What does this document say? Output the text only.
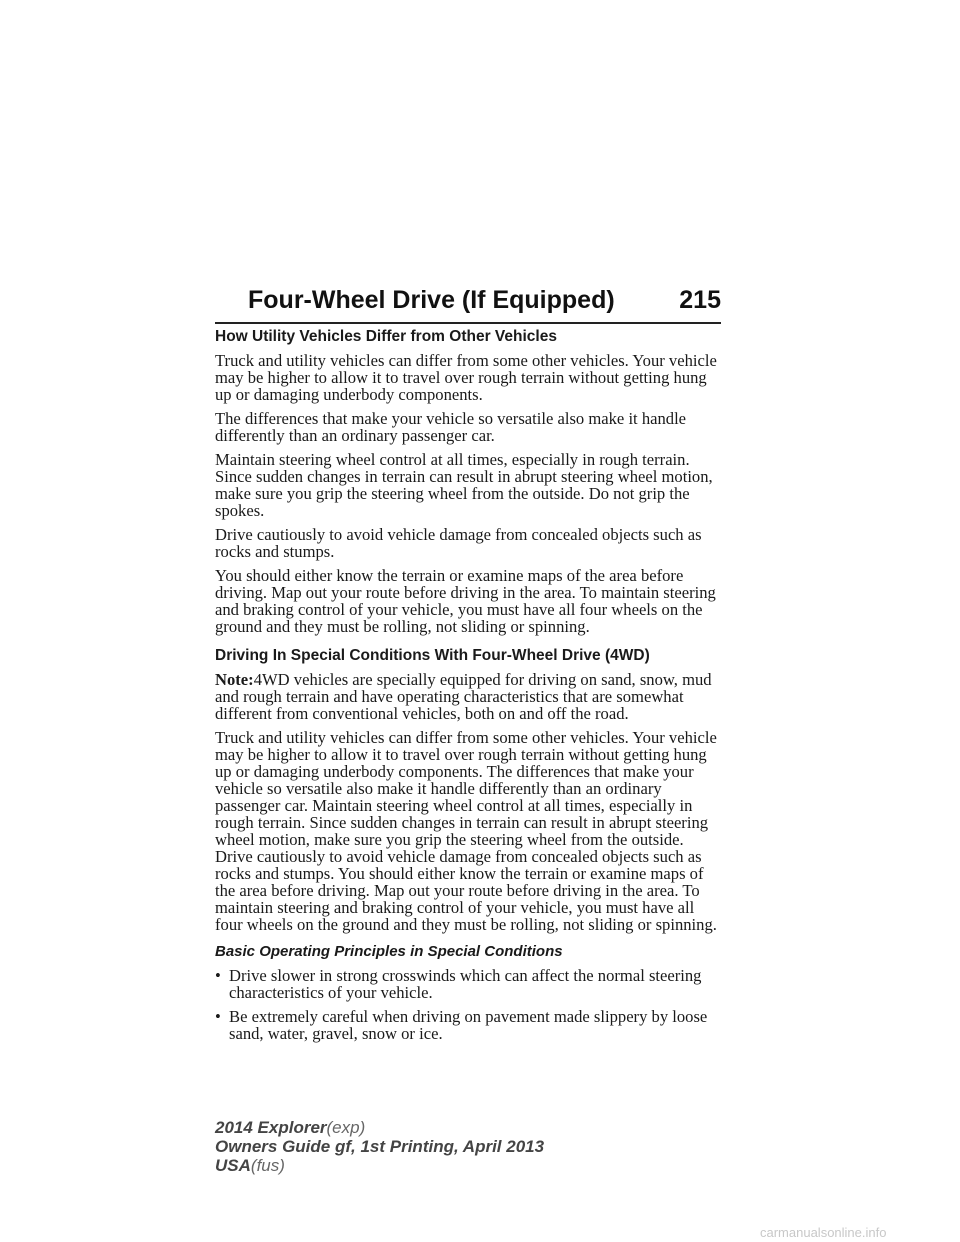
Four-Wheel Drive (If Equipped)	215
How Utility Vehicles Differ from Other Vehicles

Truck and utility vehicles can differ from some other vehicles. Your vehicle may be higher to allow it to travel over rough terrain without getting hung up or damaging underbody components.

The differences that make your vehicle so versatile also make it handle differently than an ordinary passenger car.

Maintain steering wheel control at all times, especially in rough terrain. Since sudden changes in terrain can result in abrupt steering wheel motion, make sure you grip the steering wheel from the outside. Do not grip the spokes.

Drive cautiously to avoid vehicle damage from concealed objects such as rocks and stumps.

You should either know the terrain or examine maps of the area before driving. Map out your route before driving in the area. To maintain steering and braking control of your vehicle, you must have all four wheels on the ground and they must be rolling, not sliding or spinning.

Driving In Special Conditions With Four-Wheel Drive (4WD)

Note:4WD vehicles are specially equipped for driving on sand, snow, mud and rough terrain and have operating characteristics that are somewhat different from conventional vehicles, both on and off the road.

Truck and utility vehicles can differ from some other vehicles. Your vehicle may be higher to allow it to travel over rough terrain without getting hung up or damaging underbody components. The differences that make your vehicle so versatile also make it handle differently than an ordinary passenger car. Maintain steering wheel control at all times, especially in rough terrain. Since sudden changes in terrain can result in abrupt steering wheel motion, make sure you grip the steering wheel from the outside. Drive cautiously to avoid vehicle damage from concealed objects such as rocks and stumps. You should either know the terrain or examine maps of the area before driving. Map out your route before driving in the area. To maintain steering and braking control of your vehicle, you must have all four wheels on the ground and they must be rolling, not sliding or spinning.

Basic Operating Principles in Special Conditions
• Drive slower in strong crosswinds which can affect the normal steering characteristics of your vehicle.
• Be extremely careful when driving on pavement made slippery by loose sand, water, gravel, snow or ice.
2014 Explorer(exp)
Owners Guide gf, 1st Printing, April 2013
USA(fus)
carmanualsonline.info
